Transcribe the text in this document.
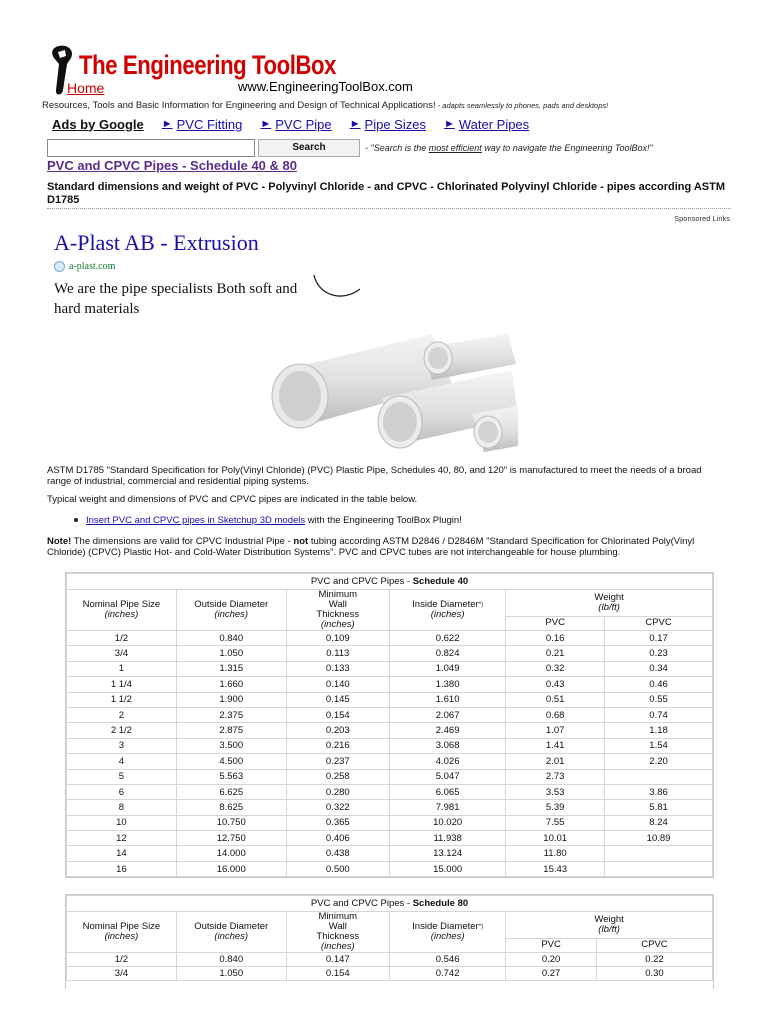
The Engineering ToolBox
www.EngineeringToolBox.com
Home
Resources, Tools and Basic Information for Engineering and Design of Technical Applications! - adapts seamlessly to phones, pads and desktops!
Ads by Google ► PVC Fitting ► PVC Pipe ► Pipe Sizes ► Water Pipes
Search	- "Search is the most efficient way to navigate the Engineering ToolBox!"
PVC and CPVC Pipes - Schedule 40 & 80
Standard dimensions and weight of PVC - Polyvinyl Chloride - and CPVC - Chlorinated Polyvinyl Chloride - pipes according ASTM D1785
Sponsored Links
A-Plast AB - Extrusion
a-plast.com
We are the pipe specialists Both soft and hard materials
ASTM D1785 "Standard Specification for Poly(Vinyl Chloride) (PVC) Plastic Pipe, Schedules 40, 80, and 120" is manufactured to meet the needs of a broad range of industrial, commercial and residential piping systems.
Typical weight and dimensions of PVC and CPVC pipes are indicated in the table below.
Insert PVC and CPVC pipes in Sketchup 3D models with the Engineering ToolBox Plugin!
Note! The dimensions are valid for CPVC Industrial Pipe - not tubing according ASTM D2846 / D2846M "Standard Specification for Chlorinated Poly(Vinyl Chloride) (CPVC) Plastic Hot- and Cold-Water Distribution Systems". PVC and CPVC tubes are not interchangeable for house plumbing.
PVC and CPVC Pipes - Schedule 40					
Nominal Pipe Size
(inches)	Outside Diameter
(inches)	Minimum Wall Thickness
(inches)	Inside Diameter*)
(inches)	Weight
(lb/ft)	
				PVC	CPVC
1/2	0.840	0.109	0.622	0.16	0.17
3/4	1.050	0.113	0.824	0.21	0.23
1	1.315	0.133	1.049	0.32	0.34
1 1/4	1.660	0.140	1.380	0.43	0.46
1 1/2	1.900	0.145	1.610	0.51	0.55
2	2.375	0.154	2.067	0.68	0.74
2 1/2	2.875	0.203	2.469	1.07	1.18
3	3.500	0.216	3.068	1.41	1.54
4	4.500	0.237	4.026	2.01	2.20
5	5.563	0.258	5.047	2.73	
6	6.625	0.280	6.065	3.53	3.86
8	8.625	0.322	7.981	5.39	5.81
10	10.750	0.365	10.020	7.55	8.24
12	12.750	0.406	11.938	10.01	10.89
14	14.000	0.438	13.124	11.80	
16	16.000	0.500	15.000	15.43	
PVC and CPVC Pipes - Schedule 80					
Nominal Pipe Size
(inches)	Outside Diameter
(inches)	Minimum Wall Thickness
(inches)	Inside Diameter*)
(inches)	Weight
(lb/ft)	
				PVC	CPVC
1/2	0.840	0.147	0.546	0.20	0.22
3/4	1.050	0.154	0.742	0.27	0.30
